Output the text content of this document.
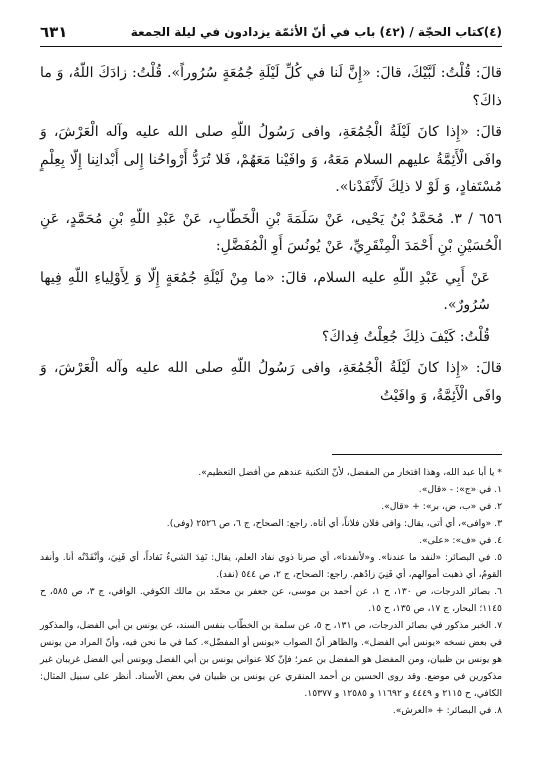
(٤)كتاب الحجّة / (٤٢) باب في أنّ الأئمّة يزدادون في ليلة الجمعة
٦٣١

قالَ: قُلْتُ: لَبَّيْكَ، قالَ: «إِنَّ لَنا في كُلِّ لَيْلَةِ جُمُعَةٍ سُرُوراً». قُلْتُ: زادَكَ اللّهُ، وَ ما ذاكَ؟

قالَ: «إِذا كانَ لَيْلَةُ الْجُمُعَةِ، وافى رَسُولُ اللّهِ صلى الله عليه وآله الْعَرْشَ، وَ وافَى الْأَئِمَّةُ عليهم السلام مَعَهُ، وَ وافَيْنا مَعَهُمْ، فَلا تُرَدُّ أَرْواحُنا إِلى أَبْدانِنا إِلّا بِعِلْمٍ مُسْتَفادٍ، وَ لَوْ لا ذلِكَ لَأَنْفَدْنا».

٦٥٦ / ٣. مُحَمَّدُ بْنُ يَحْيى، عَنْ سَلَمَةَ بْنِ الْخَطّابِ، عَنْ عَبْدِ اللّهِ بْنِ مُحَمَّدٍ، عَنِ الْحُسَيْنِ بْنِ أَحْمَدَ الْمِنْقَرِيِّ، عَنْ يُونُسَ أَوِ الْمُفَضَّلِ:

عَنْ أَبِي عَبْدِ اللّهِ عليه السلام، قالَ: «ما مِنْ لَيْلَةِ جُمُعَةٍ إِلّا وَ لِأَوْلِياءِ اللّهِ فِيها سُرُورٌ».

قُلْتُ: كَيْفَ ذلِكَ جُعِلْتُ فِداكَ؟

قالَ: «إِذا كانَ لَيْلَةُ الْجُمُعَةِ، وافى رَسُولُ اللّهِ صلى الله عليه وآله الْعَرْشَ، وَ وافَى الْأَئِمَّةُ، وَ وافَيْتُ

* يا أبا عبد الله، وهذا افتخار من المفضل، لأنّ التكنية عندهم من أفضل التعظيم».

١. في «ج»: - «قال».

٢. في «ب، ض، بر»: + «قال».

٣. «وافى»، أي أتى، يقال: وافى فلان فلاناً، أي أتاه. راجع: الصحاح، ج ٦، ص ٢٥٢٦ (وفى).

٤. في «ف»: «على».

٥. في البصائر: «لنفد ما عندنا». و«لأنفدنا»، أي صرنا ذوي نفاد العلم، يقال: نَفِدَ الشيءُ نَفاداً، أي فَنِيَ، وأنْفَدْتُه أنا. وأنفد القومُ، أي ذهبت أموالهم، أي فَنِيَ زادُهم. راجع: الصحاح، ج ٢، ص ٥٤٤ (نفد).

٦. بصائر الدرجات، ص ١٣٠، ح ١، عن أحمد بن موسى، عن جعفر بن محمّد بن مالك الكوفي. الوافي، ج ٣، ص ٥٨٥، ح ١١٤٥؛ البحار، ج ١٧، ص ١٣٥، ح ١٥.

٧. الخبر مذكور في بصائر الدرجات، ص ١٣١، ح ٥، عن سلمة بن الخطّاب بنفس السند، عن يونس بن أبي الفضل، والمذكور في بعض نسخه «يونس أبي الفضل». والظاهر أنّ الصواب «يونس أو المفضّل». كما في ما نحن فيه، وأنّ المراد من يونس هو يونس بن ظبيان، ومن المفضل هو المفضل بن عمر؛ فإنّ كلا عنواني يونس بن أبي الفضل ويونس أبي الفضل غريبان غير مذكورين في موضع. وقد روى الحسين بن أحمد المنقري عن يونس بن ظبيان في بعض الأسناد. أنظر على سبيل المثال: الكافي، ح ٢١١٥ و ٤٤٤٩ و ١١٦٩٢ و ١٢٥٨٥ و ١٥٣٧٧.

٨. في البصائر: + «العرش».
